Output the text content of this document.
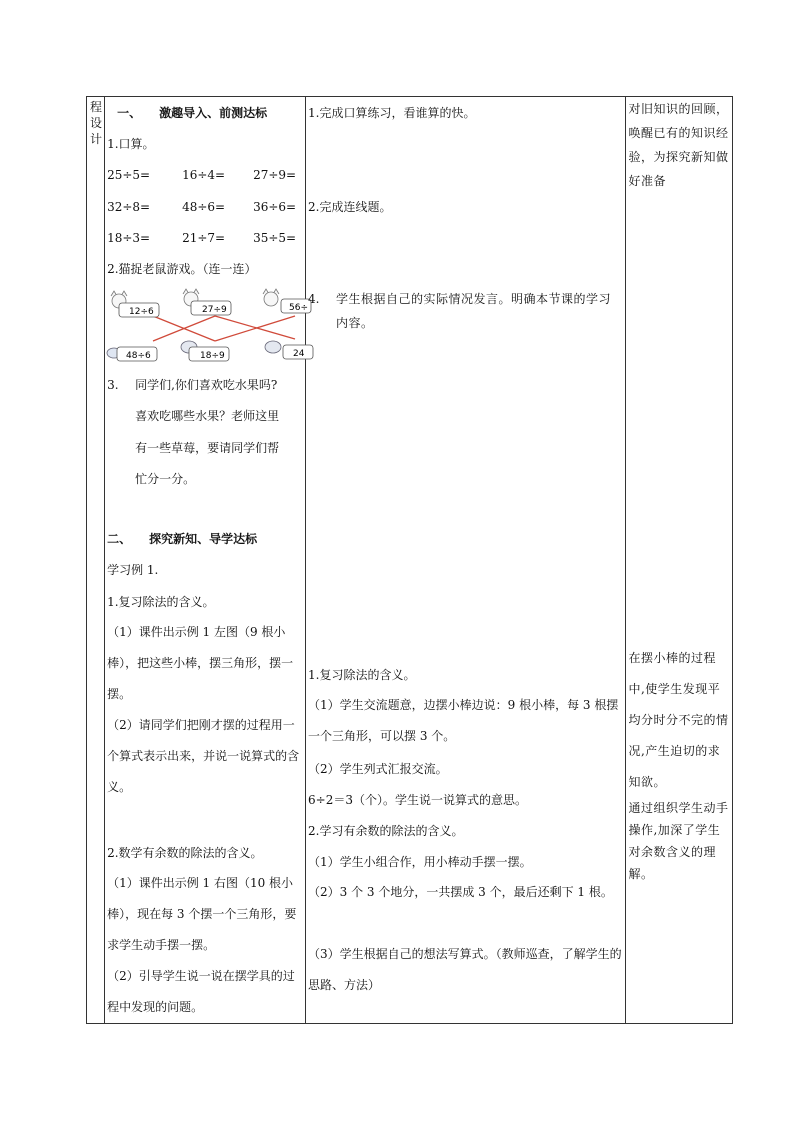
程
设
计

一、　　激趣导入、前测达标
1.口算。
25÷5=	16÷4= 27÷9=
32÷8=	48÷6= 36÷6=
18÷3=	21÷7= 35÷5=
2.猫捉老鼠游戏。（连一连）
12÷6	27÷9	56÷
48÷6	18÷9	24
3. 同学们,你们喜欢吃水果吗?
喜欢吃哪些水果？老师这里
有一些草莓，要请同学们帮
忙分一分。
二、　　探究新知、导学达标
学习例 1.
1.复习除法的含义。
（1）课件出示例 1 左图（9 根小棒），把这些小棒，摆三角形，摆一摆。
（2）请同学们把刚才摆的过程用一个算式表示出来，并说一说算式的含义。
2.数学有余数的除法的含义。
（1）课件出示例 1 右图（10 根小棒），现在每 3 个摆一个三角形，要求学生动手摆一摆。
（2）引导学生说一说在摆学具的过程中发现的问题。

1.完成口算练习，看谁算的快。
2.完成连线题。
4. 学生根据自己的实际情况发言。明确本节课的学习内容。
1.复习除法的含义。
（1）学生交流题意，边摆小棒边说：9 根小棒，每 3 根摆一个三角形，可以摆 3 个。
（2）学生列式汇报交流。
6÷2＝3（个）。学生说一说算式的意思。
2.学习有余数的除法的含义。
（1）学生小组合作，用小棒动手摆一摆。
（2）3 个 3 个地分，一共摆成 3 个，最后还剩下 1 根。
（3）学生根据自己的想法写算式。（教师巡查，了解学生的思路、方法）

对旧知识的回顾，唤醒已有的知识经验，为探究新知做好准备
在摆小棒的过程中,使学生发现平均分时分不完的情况,产生迫切的求知欲。
通过组织学生动手操作,加深了学生对余数含义的理解。
